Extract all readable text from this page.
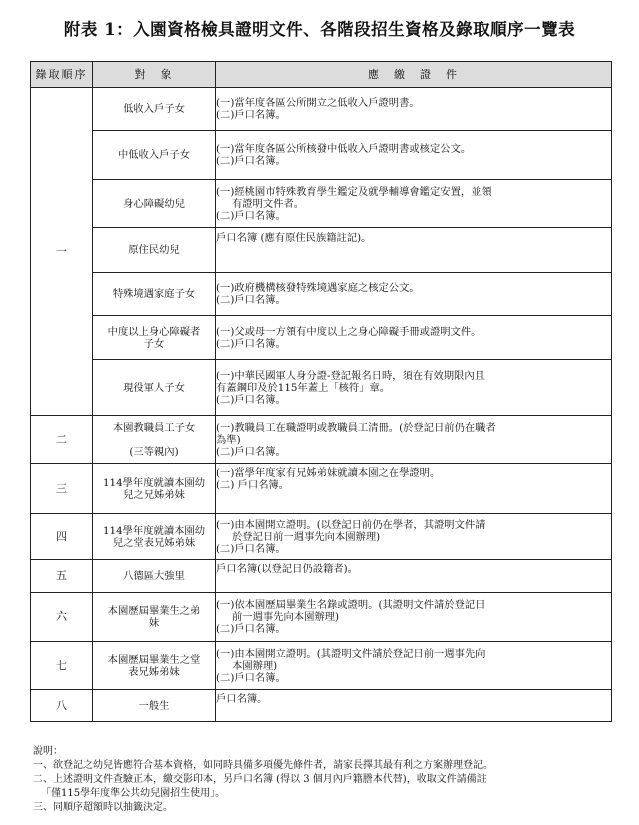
附表 1：入園資格檢具證明文件、各階段招生資格及錄取順序一覽表
錄取順序	對　象	應　繳　證　件
一	低收入戶子女	(一)當年度各區公所開立之低收入戶證明書。
(二)戶口名簿。

	中低收入戶子女	(一)當年度各區公所核發中低收入戶證明書或核定公文。
(二)戶口名簿。

	身心障礙幼兒	(一)經桃園市特殊教育學生鑑定及就學輔導會鑑定安置，並領
有證明文件者。
(二)戶口名簿。

	原住民幼兒	戶口名簿 (應有原住民族籍註記)。

	特殊境遇家庭子女	(一)政府機構核發特殊境遇家庭之核定公文。
(二)戶口名簿。

	中度以上身心障礙者
子女	(一)父或母一方領有中度以上之身心障礙手冊或證明文件。
(二)戶口名簿。

	現役軍人子女	(一)中華民國軍人身分證-登記報名日時，須在有效期限內且
有蓋鋼印及於115年蓋上「核符」章。
(二)戶口名簿。

二	本園教職員工子女
(三等親內)	(一)教職員工在職證明或教職員工清冊。(於登記日前仍在職者
為準)
(二)戶口名簿。

三	114學年度就讀本園幼
兒之兄姊弟妹	(一)當學年度家有兄姊弟妹就讀本園之在學證明。
(二) 戶口名簿。

四	114學年度就讀本園幼
兒之堂表兄姊弟妹	(一)由本園開立證明。(以登記日前仍在學者，其證明文件請
於登記日前一週事先向本園辦理)
(二)戶口名簿。

五	八德區大強里	戶口名簿(以登記日仍設籍者)。

六	本園歷屆畢業生之弟
妹	(一)依本園歷屆畢業生名錄或證明。(其證明文件請於登記日
前一週事先向本園辦理)
(二)戶口名簿。

七	本園歷屆畢業生之堂
表兄姊弟妹	(一)由本園開立證明。(其證明文件請於登記日前一週事先向
本園辦理)
(二)戶口名簿。

八	一般生	戶口名簿。
說明：
一、欲登記之幼兒皆應符合基本資格，如同時具備多項優先條件者，請家長擇其最有利之方案辦理登記。
二、上述證明文件查驗正本，繳交影印本，另戶口名簿 (得以 3 個月內戶籍謄本代替)，收取文件請備註
「僅115學年度準公共幼兒園招生使用」。
三、同順序超額時以抽籤決定。
